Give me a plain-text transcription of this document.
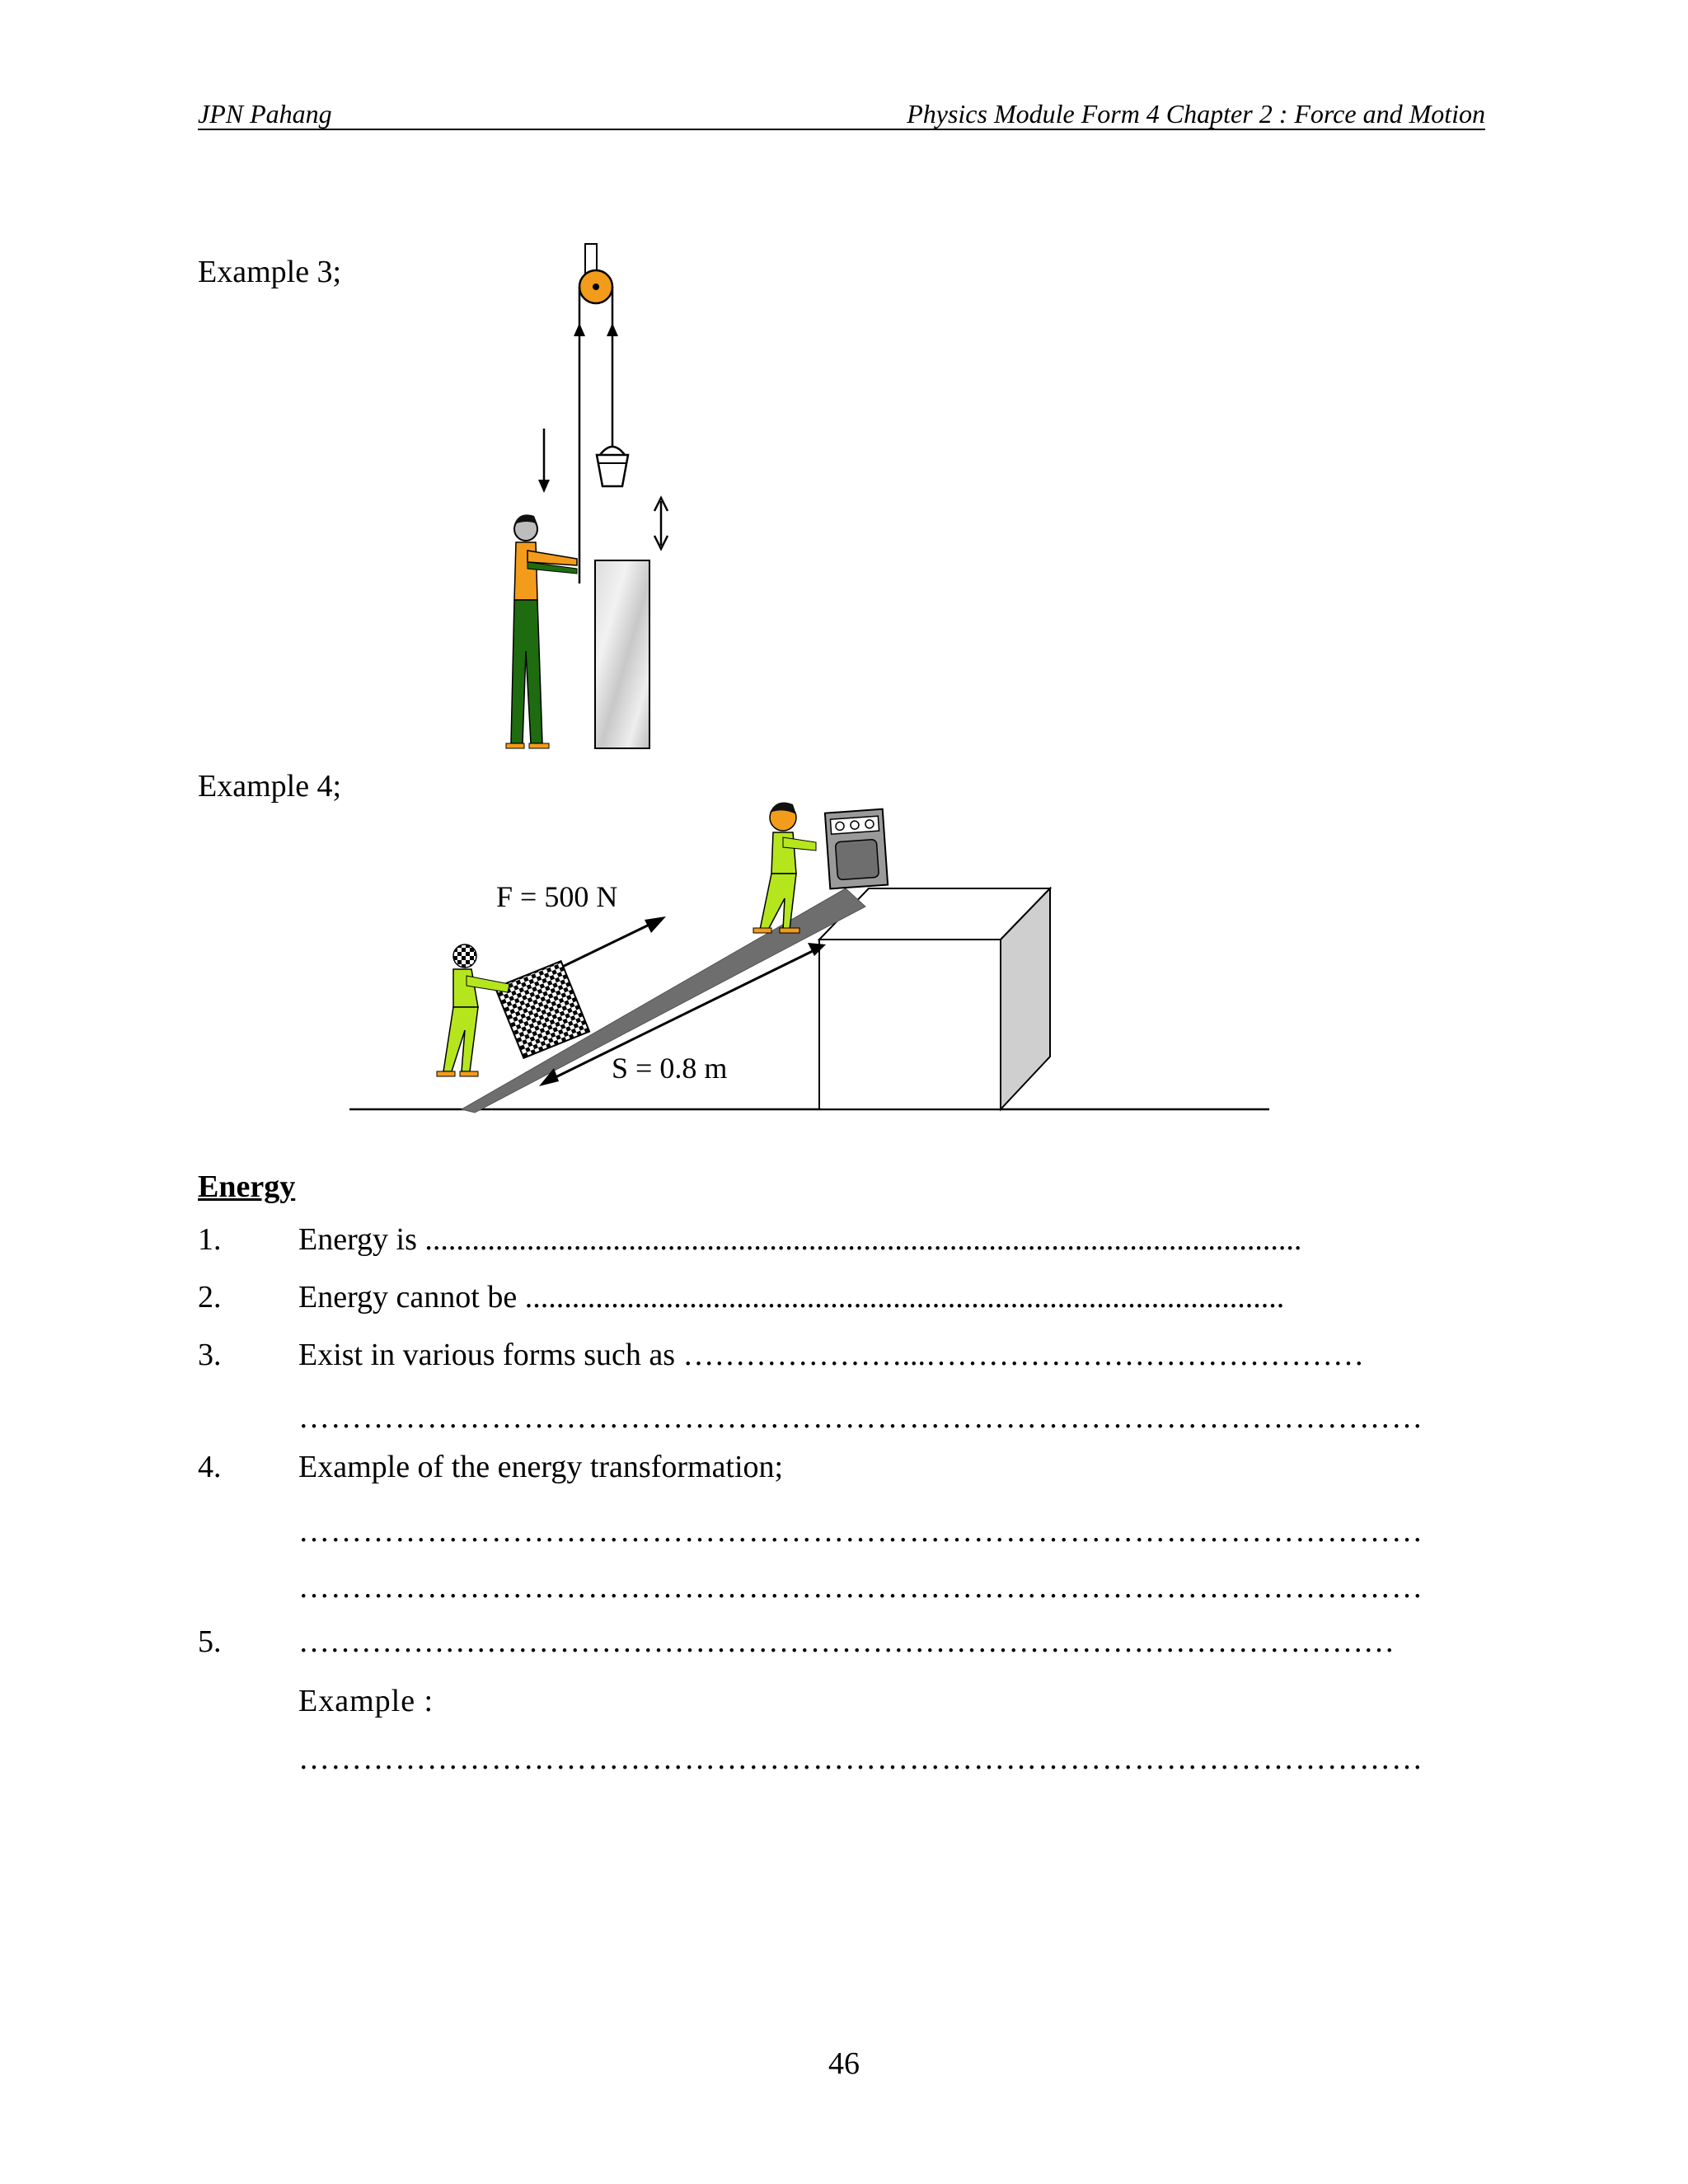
JPN Pahang	Physics Module Form 4 Chapter 2 : Force and Motion
Example 3;
Example 4;
F = 500 N
S = 0.8 m
Energy
1. Energy is ................................................................................................................
2. Energy cannot be .................................................................................................
3. Exist in various forms such as …………………...……………………………………
……………………………………………………………………………………………
4. Example of the energy transformation;
……………………………………………………………………………………………
……………………………………………………………………………………………
5. ……………………………………………………………………………………………
Example :
……………………………………………………………………………………………
46
